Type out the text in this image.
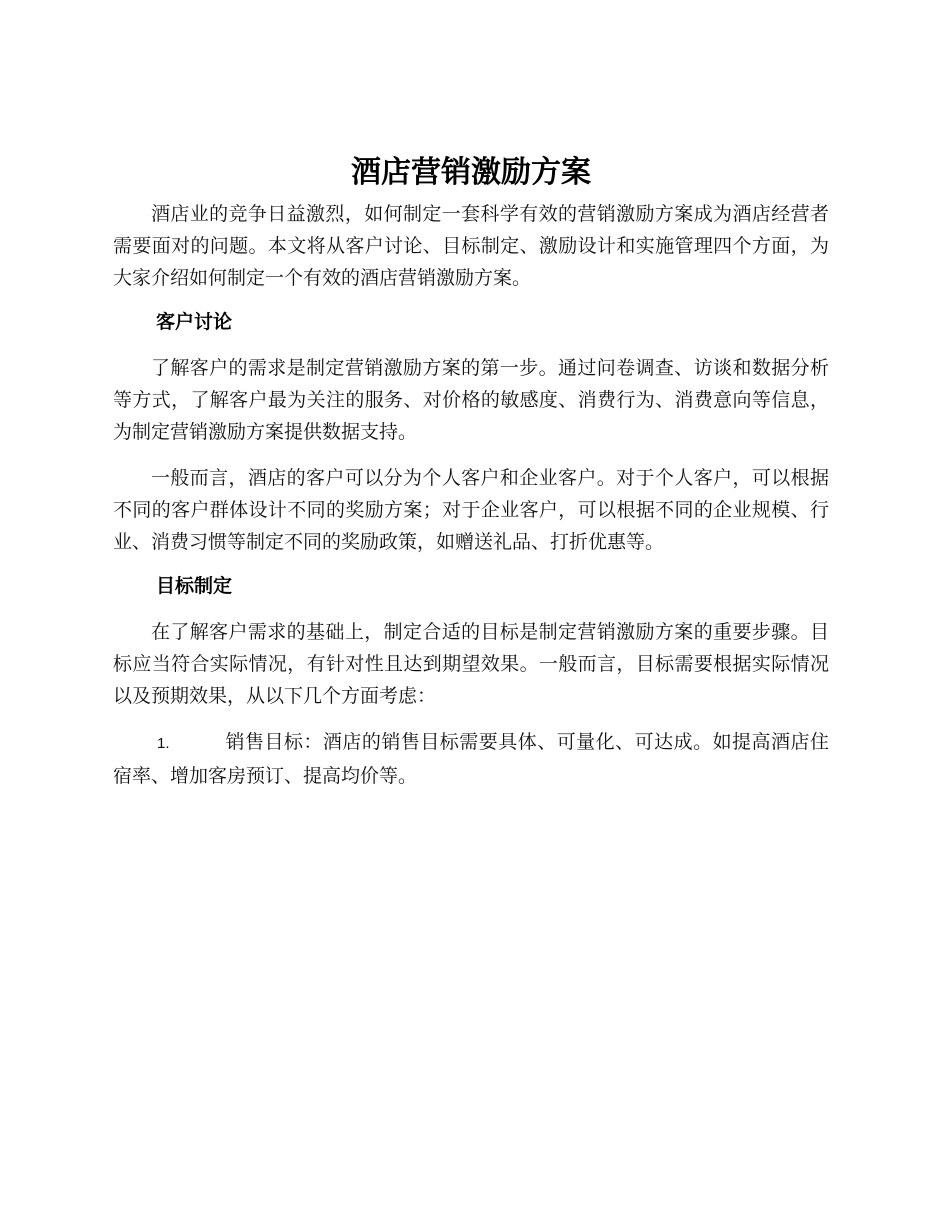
酒店营销激励方案

酒店业的竞争日益激烈，如何制定一套科学有效的营销激励方案成为酒店经营者需要面对的问题。本文将从客户讨论、目标制定、激励设计和实施管理四个方面，为大家介绍如何制定一个有效的酒店营销激励方案。

客户讨论

了解客户的需求是制定营销激励方案的第一步。通过问卷调查、访谈和数据分析等方式，了解客户最为关注的服务、对价格的敏感度、消费行为、消费意向等信息，为制定营销激励方案提供数据支持。

一般而言，酒店的客户可以分为个人客户和企业客户。对于个人客户，可以根据不同的客户群体设计不同的奖励方案；对于企业客户，可以根据不同的企业规模、行业、消费习惯等制定不同的奖励政策，如赠送礼品、打折优惠等。

目标制定

在了解客户需求的基础上，制定合适的目标是制定营销激励方案的重要步骤。目标应当符合实际情况，有针对性且达到期望效果。一般而言，目标需要根据实际情况以及预期效果，从以下几个方面考虑：

1.	销售目标：酒店的销售目标需要具体、可量化、可达成。如提高酒店住宿率、增加客房预订、提高均价等。
